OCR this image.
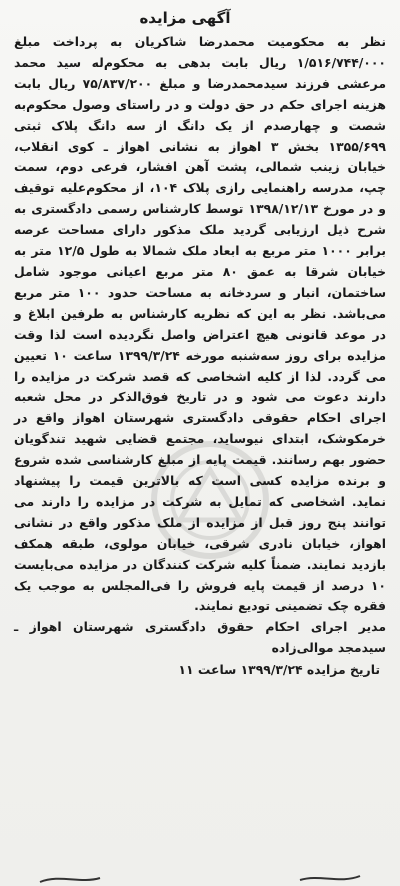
آگهی مزایده

نظر به محکومیت محمدرضا شاکریان به پرداخت مبلغ ۱/۵۱۶/۷۴۴/۰۰۰ ریال بابت بدهی به محکوم‌له سید محمد مرعشی فرزند سیدمحمدرضا و مبلغ ۷۵/۸۳۷/۲۰۰ ریال بابت هزینه اجرای حکم در حق دولت و در راستای وصول محکوم‌به شصت و چهارصدم از یک دانگ از سه دانگ پلاک ثبتی ۱۳۵۵/۶۹۹ بخش ۳ اهواز به نشانی اهواز ـ کوی انقلاب، خیابان زینب شمالی، پشت آهن افشار، فرعی دوم، سمت چپ، مدرسه راهنمایی رازی پلاک ۱۰۴، از محکوم‌علیه توقیف و در مورخ ۱۳۹۸/۱۲/۱۳ توسط کارشناس رسمی دادگستری به شرح ذیل ارزیابی گردید ملک مذکور دارای مساحت عرصه برابر ۱۰۰۰ متر مربع به ابعاد ملک شمالا به طول ۱۲/۵ متر به خیابان شرقا به عمق ۸۰ متر مربع اعیانی موجود شامل ساختمان، انبار و سردخانه به مساحت حدود ۱۰۰ متر مربع می‌باشد. نظر به این که نظریه کارشناس به طرفین ابلاغ و در موعد قانونی هیچ اعتراض واصل نگردیده است لذا وقت مزایده برای روز سه‌شنبه مورخه ۱۳۹۹/۳/۲۴ ساعت ۱۰ تعیین می گردد. لذا از کلیه اشخاصی که قصد شرکت در مزایده را دارند دعوت می شود و در تاریخ فوق‌الذکر در محل شعبه اجرای احکام حقوقی دادگستری شهرستان اهواز واقع در خرمکوشک، ابتدای نیوساید، مجتمع قضایی شهید تندگویان حضور بهم رسانند. قیمت پایه از مبلغ کارشناسی شده شروع و برنده مزایده کسی است که بالاترین قیمت را پیشنهاد نماید. اشخاصی که تمایل به شرکت در مزایده را دارند می توانند پنج روز قبل از مزایده از ملک مذکور واقع در نشانی اهواز، خیابان نادری شرقی، خیابان مولوی، طبقه همکف بازدید نمایند. ضمناً کلیه شرکت کنندگان در مزایده می‌بایست ۱۰ درصد از قیمت پایه فروش را فی‌المجلس به موجب یک فقره چک تضمینی تودیع نمایند.

مدیر اجرای احکام حقوق دادگستری شهرستان اهواز ـ سیدمجد موالی‌زاده

تاریخ مزایده ۱۳۹۹/۳/۲۴ ساعت ۱۱
